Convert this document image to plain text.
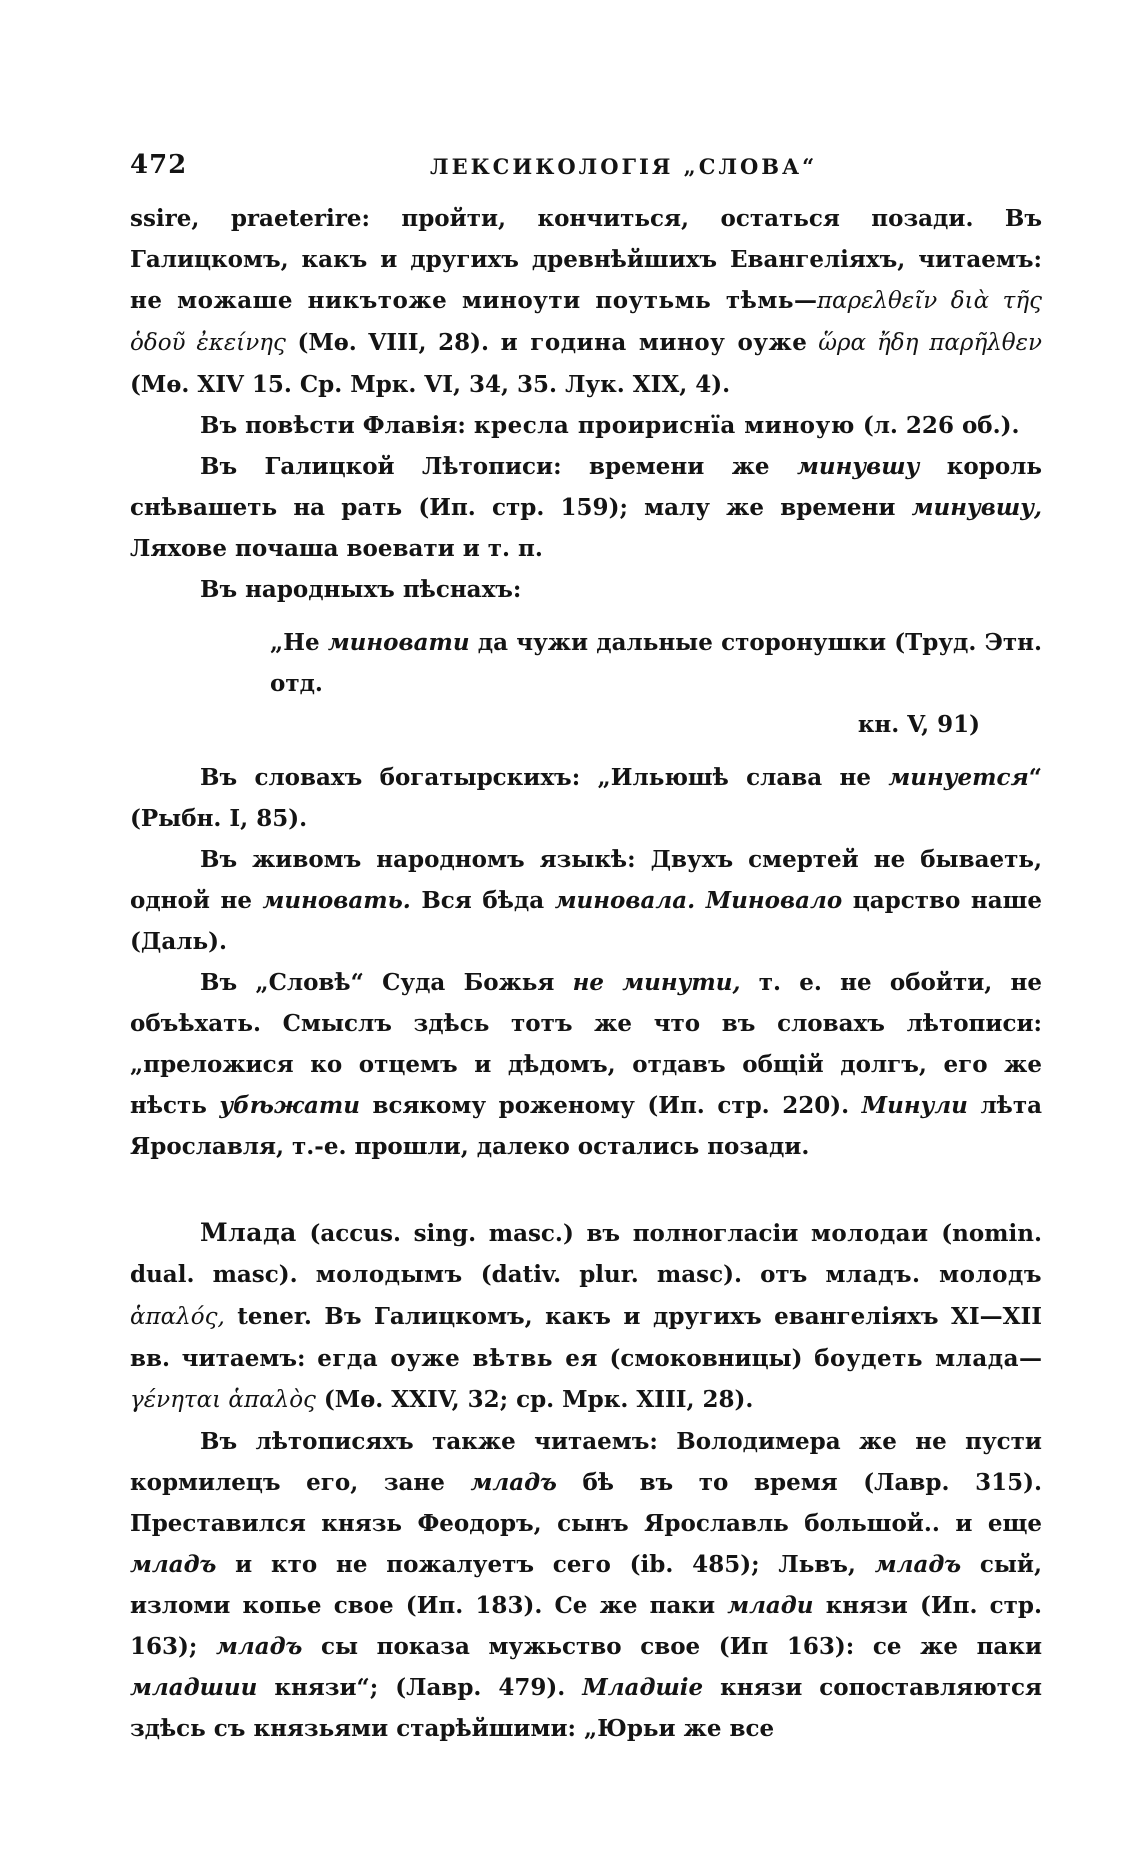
472	ЛЕКСИКОЛОГІЯ „СЛОВА“

ssire, praeterire: пройти, кончиться, остаться позади. Въ Галицкомъ, какъ и другихъ древнѣйшихъ Евангеліяхъ, читаемъ: не можаше никътоже миноути поутьмь тѣмь—παρελθεῖν διὰ τῆς ὁδοῦ ἐκείνης (Мѳ. VIII, 28). и година миноу оуже ὥρα ἤδη παρῆλθεν (Мѳ. XIV 15. Ср. Мрк. VI, 34, 35. Лук. XIX, 4).

Въ повѣсти Флавія: кресла проириснїа миноую (л. 226 об.).

Въ Галицкой Лѣтописи: времени же минувшу король снѣвашеть на рать (Ип. стр. 159); малу же времени минувшу, Ляхове почаша воевати и т. п.

Въ народныхъ пѣснахъ:

„Не миновати да чужи дальные сторонушки (Труд. Этн. отд.

кн. V, 91)

Въ словахъ богатырскихъ: „Ильюшѣ слава не минуется“ (Рыбн. I, 85).

Въ живомъ народномъ языкѣ: Двухъ смертей не бываеть, одной не миновать. Вся бѣда миновала. Миновало царство наше (Даль).

Въ „Словѣ“ Суда Божья не минути, т. е. не обойти, не объѣхать. Смыслъ здѣсь тотъ же что въ словахъ лѣтописи: „преложися ко отцемъ и дѣдомъ, отдавъ общій долгъ, его же нѣсть убѣжати всякому рожeному (Ип. стр. 220). Минули лѣта Ярославля, т.-е. прошли, далеко остались позади.

Млада (accus. sing. masc.) въ полногласіи молодаи (nomin. dual. masc). молодымъ (dativ. plur. masc). отъ младъ. молодъ ἁπαλός, tener. Въ Галицкомъ, какъ и другихъ евангеліяхъ XI—XII вв. читаемъ: егда оуже вѣтвь ея (смоковницы) боудеть млада—γένηται ἁπαλὸς (Мѳ. XXIV, 32; ср. Мрк. XIII, 28).

Въ лѣтописяхъ также читаемъ: Володимера же не пусти кормилецъ его, зане младъ бѣ въ то время (Лавр. 315). Преставился князь Феодоръ, сынъ Ярославль большой.. и еще младъ и кто не пожалуетъ сего (ib. 485); Львъ, младъ сый, изломи копье свое (Ип. 183). Се же паки млади князи (Ип. стр. 163); младъ сы показа мужьство свое (Ип 163): се же паки младшии князи“; (Лавр. 479). Младшіе князи сопоставляются здѣсь съ князьями старѣйшими: „Юрьи же все
